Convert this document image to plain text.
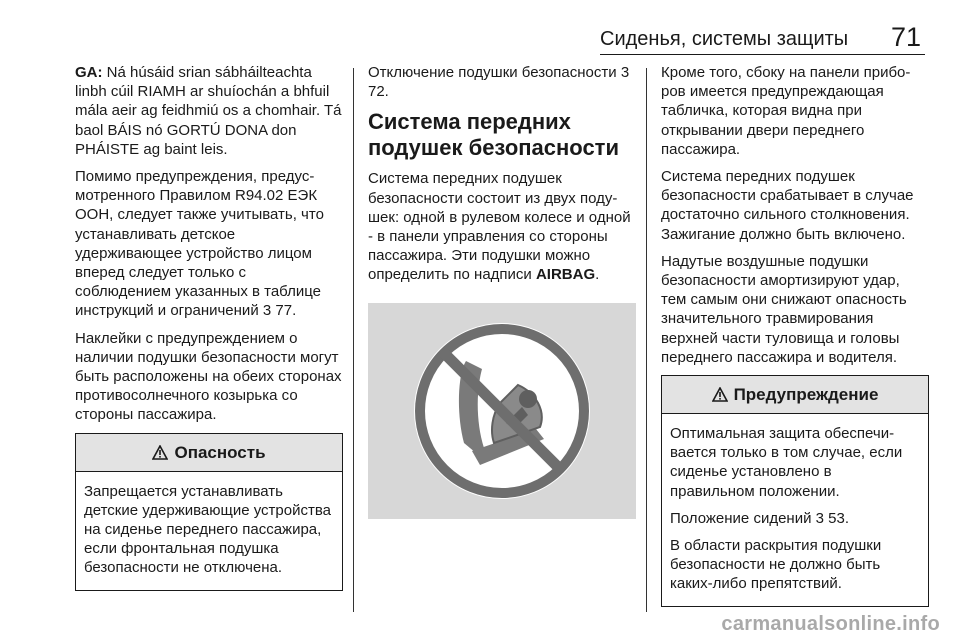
Сиденья, системы защиты 71

GA: Ná húsáid srian sábháilteachta linbh cúil RIAMH ar shuíochán a bhfuil mála aeir ag feidhmiú os a chomhair. Tá baol BÁIS nó GORTÚ DONA don PHÁISTE ag baint leis.

Помимо предупреждения, предусмотренного Правилом R94.02 ЕЭК ООН, следует также учитывать, что устанавливать детское удерживающее устройство лицом вперед следует только с соблюдением указанных в таблице инструкций и ограничений 3 77.

Наклейки с предупреждением о наличии подушки безопасности могут быть расположены на обеих сторонах противосолнечного козырька со стороны пассажира.

Опасность

Запрещается устанавливать детские удерживающие устройства на сиденье переднего пассажира, если фронтальная подушка безопасности не отключена.

Отключение подушки безопасности 3 72.

Система передних подушек безопасности

Система передних подушек безопасности состоит из двух подушек: одной в рулевом колесе и одной - в панели управления со стороны пассажира. Эти подушки можно определить по надписи AIRBAG.

Кроме того, сбоку на панели приборов имеется предупреждающая табличка, которая видна при открывании двери переднего пассажира.

Система передних подушек безопасности срабатывает в случае достаточно сильного столкновения. Зажигание должно быть включено.

Надутые воздушные подушки безопасности амортизируют удар, тем самым они снижают опасность значительного травмирования верхней части туловища и головы переднего пассажира и водителя.

Предупреждение

Оптимальная защита обеспечивается только в том случае, если сиденье установлено в правильном положении.

Положение сидений 3 53.

В области раскрытия подушки безопасности не должно быть каких-либо препятствий.

carmanualsonline.info
